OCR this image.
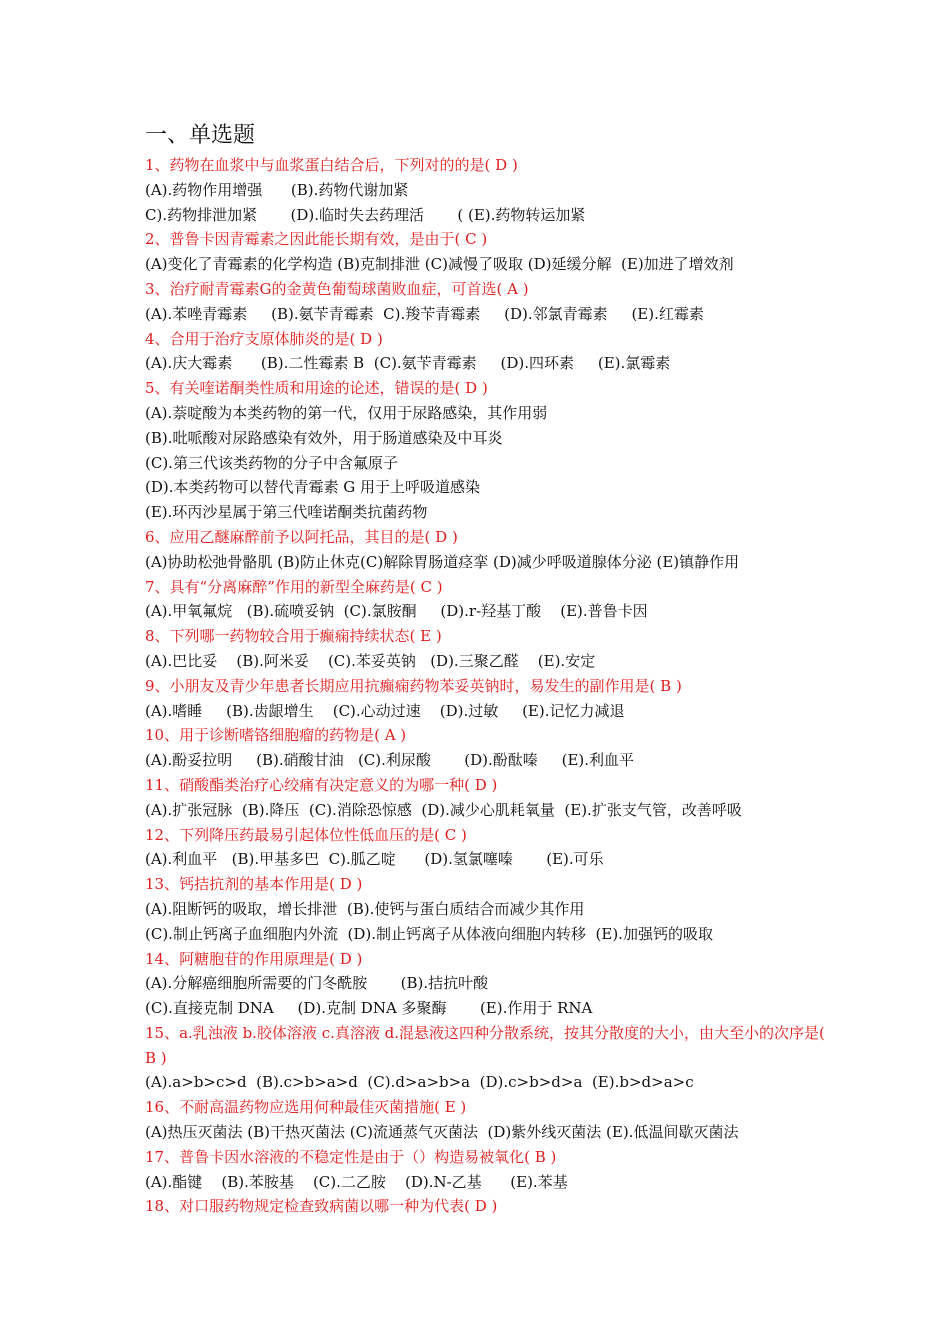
一、单选题
1、药物在血浆中与血浆蛋白结合后，下列对的的是( D )
(A).药物作用增强      (B).药物代谢加紧
C).药物排泄加紧       (D).临时失去药理活       ( (E).药物转运加紧
2、普鲁卡因青霉素之因此能长期有效，是由于( C )
(A)变化了青霉素的化学构造 (B)克制排泄 (C)减慢了吸取 (D)延缓分解  (E)加进了增效剂
3、治疗耐青霉素G的金黄色葡萄球菌败血症，可首选( A )
(A).苯唑青霉素     (B).氨苄青霉素  C).羧苄青霉素     (D).邻氯青霉素     (E).红霉素
4、合用于治疗支原体肺炎的是( D )
(A).庆大霉素      (B).二性霉素 B  (C).氨苄青霉素     (D).四环素     (E).氯霉素
5、有关喹诺酮类性质和用途的论述，错误的是( D )
(A).萘啶酸为本类药物的第一代，仅用于尿路感染，其作用弱
(B).吡哌酸对尿路感染有效外，用于肠道感染及中耳炎
(C).第三代该类药物的分子中含氟原子
(D).本类药物可以替代青霉素 G 用于上呼吸道感染
(E).环丙沙星属于第三代喹诺酮类抗菌药物
6、应用乙醚麻醉前予以阿托品，其目的是( D )
(A)协助松弛骨骼肌 (B)防止休克(C)解除胃肠道痉挛 (D)减少呼吸道腺体分泌 (E)镇静作用
7、具有“分离麻醉”作用的新型全麻药是( C )
(A).甲氧氟烷   (B).硫喷妥钠  (C).氯胺酮     (D).r-羟基丁酸    (E).普鲁卡因
8、下列哪一药物较合用于癫痫持续状态( E )
(A).巴比妥    (B).阿米妥    (C).苯妥英钠   (D).三聚乙醛    (E).安定
9、小朋友及青少年患者长期应用抗癫痫药物苯妥英钠时，易发生的副作用是( B )
(A).嗜睡     (B).齿龈增生    (C).心动过速    (D).过敏     (E).记忆力减退
10、用于诊断嗜铬细胞瘤的药物是( A )
(A).酚妥拉明     (B).硝酸甘油   (C).利尿酸       (D).酚酞嗪     (E).利血平
11、硝酸酯类治疗心绞痛有决定意义的为哪一种( D )
(A).扩张冠脉  (B).降压  (C).消除恐惊感  (D).减少心肌耗氧量  (E).扩张支气管，改善呼吸
12、下列降压药最易引起体位性低血压的是( C )
(A).利血平   (B).甲基多巴  C).胍乙啶      (D).氢氯噻嗪       (E).可乐
13、钙拮抗剂的基本作用是( D )
(A).阻断钙的吸取，增长排泄  (B).使钙与蛋白质结合而减少其作用
(C).制止钙离子血细胞内外流  (D).制止钙离子从体液向细胞内转移  (E).加强钙的吸取
14、阿糖胞苷的作用原理是( D )
(A).分解癌细胞所需要的门冬酰胺       (B).拮抗叶酸
(C).直接克制 DNA     (D).克制 DNA 多聚酶       (E).作用于 RNA
15、a.乳浊液 b.胶体溶液 c.真溶液 d.混悬液这四种分散系统，按其分散度的大小，由大至小的次序是( B )
(A).a>b>c>d  (B).c>b>a>d  (C).d>a>b>a  (D).c>b>d>a  (E).b>d>a>c
16、不耐高温药物应选用何种最佳灭菌措施( E )
(A)热压灭菌法 (B)干热灭菌法 (C)流通蒸气灭菌法  (D)紫外线灭菌法 (E).低温间歇灭菌法
17、普鲁卡因水溶液的不稳定性是由于（）构造易被氧化( B )
(A).酯键    (B).苯胺基    (C).二乙胺    (D).N-乙基      (E).苯基
18、对口服药物规定检查致病菌以哪一种为代表( D )
